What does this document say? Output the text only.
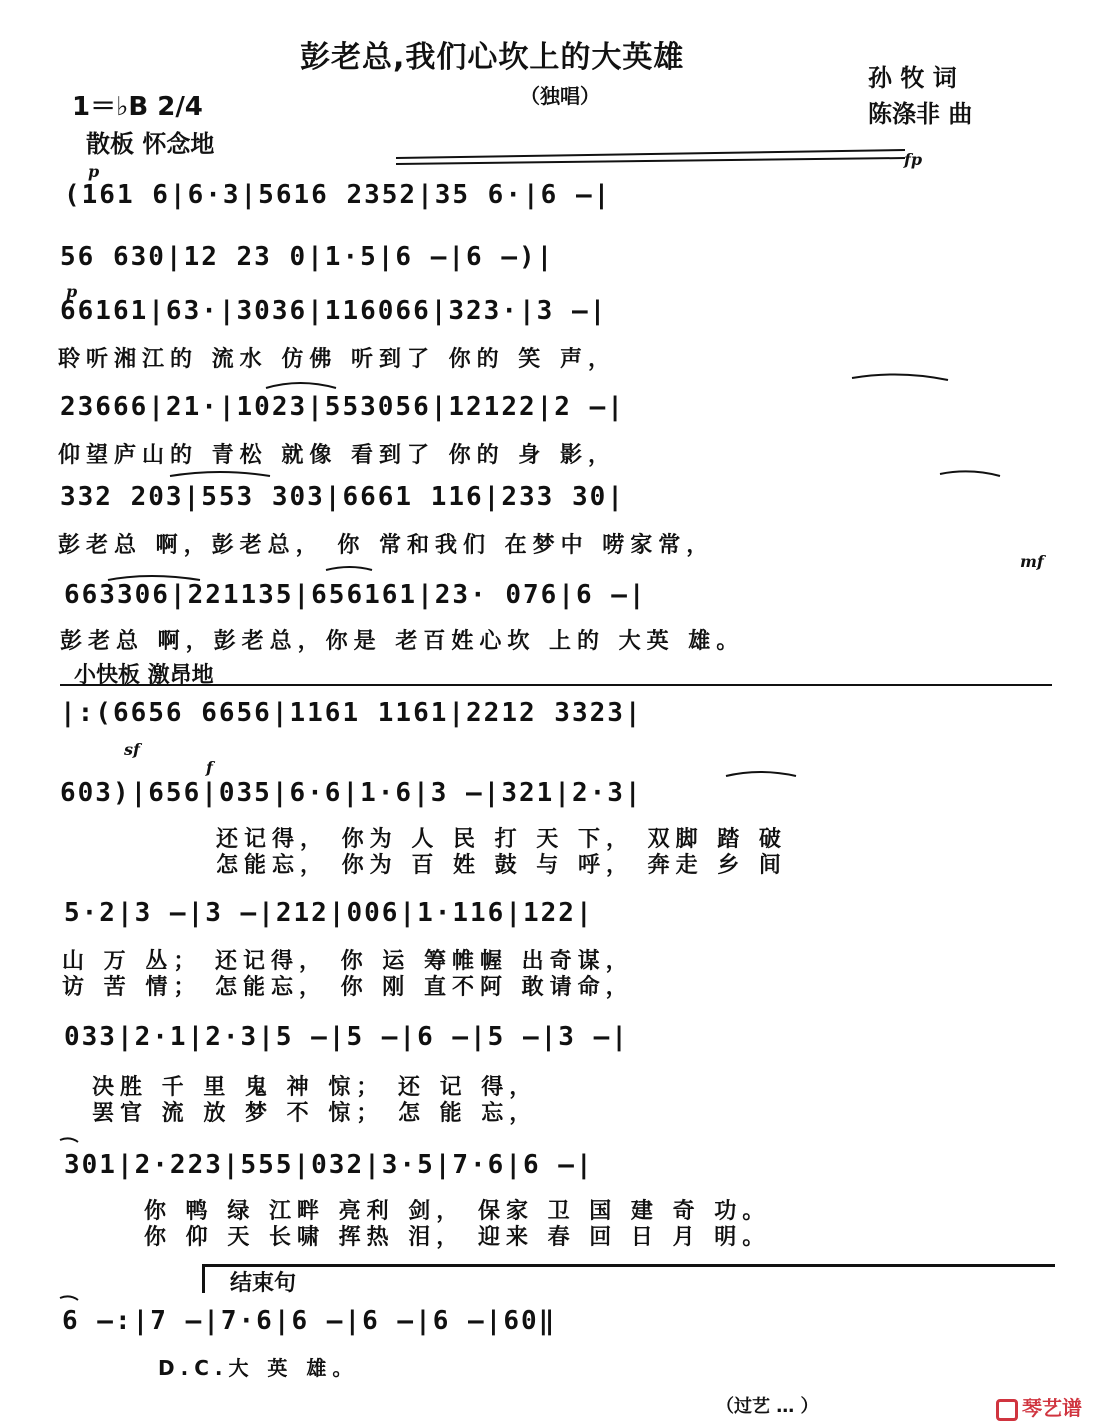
彭老总,我们心坎上的大英雄
（独唱）
孙 牧 词
陈涤非 曲
1＝♭B 2/4
散板 怀念地
p
fp
p
mf
sf
f
(161 6|6·3|5616 2352|35 6·|6 —|
56 630|12 23 0|1·5|6 —|6 —)|
66161|63·|3036|116066|323·|3 —|
聆听湘江的 流水 仿佛 听到了 你的 笑 声，
23666|21·|1023|553056|12122|2 —|
仰望庐山的 青松 就像 看到了 你的 身 影，
332 203|553 303|6661 116|233 30|
彭老总 啊，彭老总， 你 常和我们 在梦中 唠家常，
663306|221135|656161|23· 076|6 —|
彭老总 啊，彭老总，你是 老百姓心坎 上的 大英 雄。
小快板 激昂地
|:(6656 6656|1161 1161|2212 3323|
603)|656|035|6·6|1·6|3 —|321|2·3|
还记得， 你为 人 民 打 天 下， 双脚 踏 破
怎能忘， 你为 百 姓 鼓 与 呼， 奔走 乡 间
5·2|3 —|3 —|212|006|1·116|122|
山 万 丛； 还记得， 你 运 筹帷幄 出奇谋，
访 苦 情； 怎能忘， 你 刚 直不阿 敢请命，
033|2·1|2·3|5 —|5 —|6 —|5 —|3 —|
决胜 千 里 鬼 神 惊； 还 记 得，
罢官 流 放 梦 不 惊； 怎 能 忘，
301|2·223|555|032|3·5|7·6|6 —|
你 鸭 绿 江畔 亮利 剑， 保家 卫 国 建 奇 功。
你 仰 天 长啸 挥热 泪， 迎来 春 回 日 月 明。
结束句
6 —:|7 —|7·6|6 —|6 —|6 —|60‖
D.C.大 英 雄。
（过艺 … ）	琴艺谱
